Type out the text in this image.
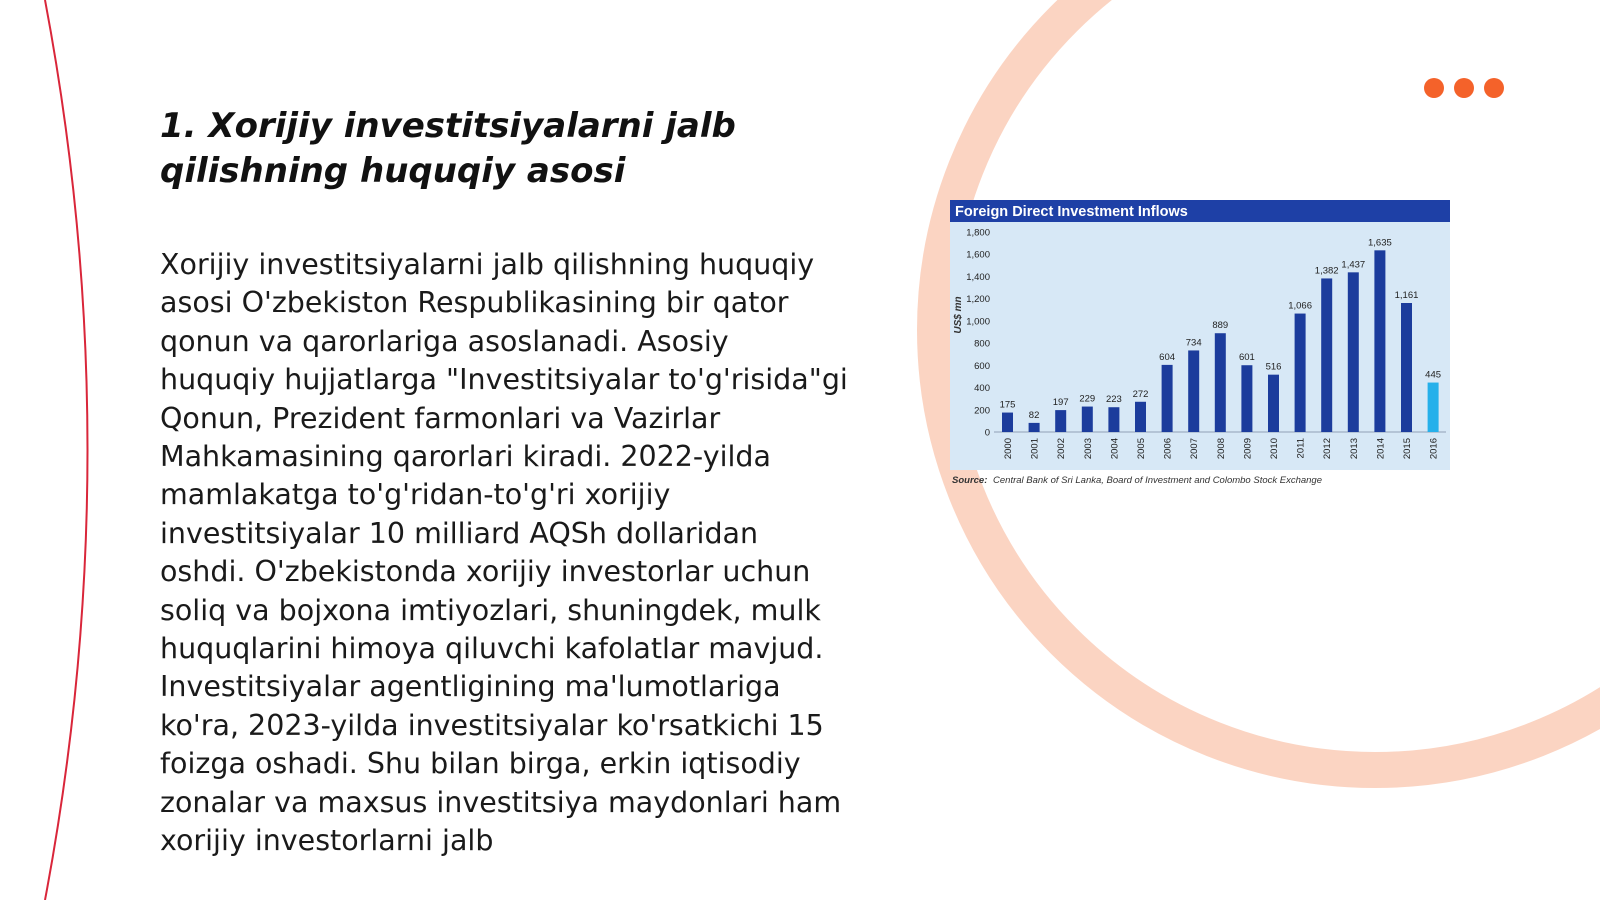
1. Xorijiy investitsiyalarni jalb qilishning huquqiy asosi

Xorijiy investitsiyalarni jalb qilishning huquqiy asosi O'zbekiston Respublikasining bir qator qonun va qarorlariga asoslanadi. Asosiy huquqiy hujjatlarga "Investitsiyalar to'g'risida"gi Qonun, Prezident farmonlari va Vazirlar Mahkamasining qarorlari kiradi. 2022-yilda mamlakatga to'g'ridan-to'g'ri xorijiy investitsiyalar 10 milliard AQSh dollaridan oshdi. O'zbekistonda xorijiy investorlar uchun soliq va bojxona imtiyozlari, shuningdek, mulk huquqlarini himoya qiluvchi kafolatlar mavjud. Investitsiyalar agentligining ma'lumotlariga ko'ra, 2023-yilda investitsiyalar ko'rsatkichi 15 foizga oshadi. Shu bilan birga, erkin iqtisodiy zonalar va maxsus investitsiya maydonlari ham xorijiy investorlarni jalb

Foreign Direct Investment Inflows
US$ mn
0
200
400
600
800
1,000
1,200
1,400
1,600
1,800
175
82
197 229 223 272
604
734
889
601
516
1,066
1,382
1,437
1,635
1,161
445
2000 2001 2002 2003 2004 2005 2006 2007 2008 2009 2010 2011 2012 2013 2014 2015 2016
Source: Central Bank of Sri Lanka, Board of Investment and Colombo Stock Exchange
